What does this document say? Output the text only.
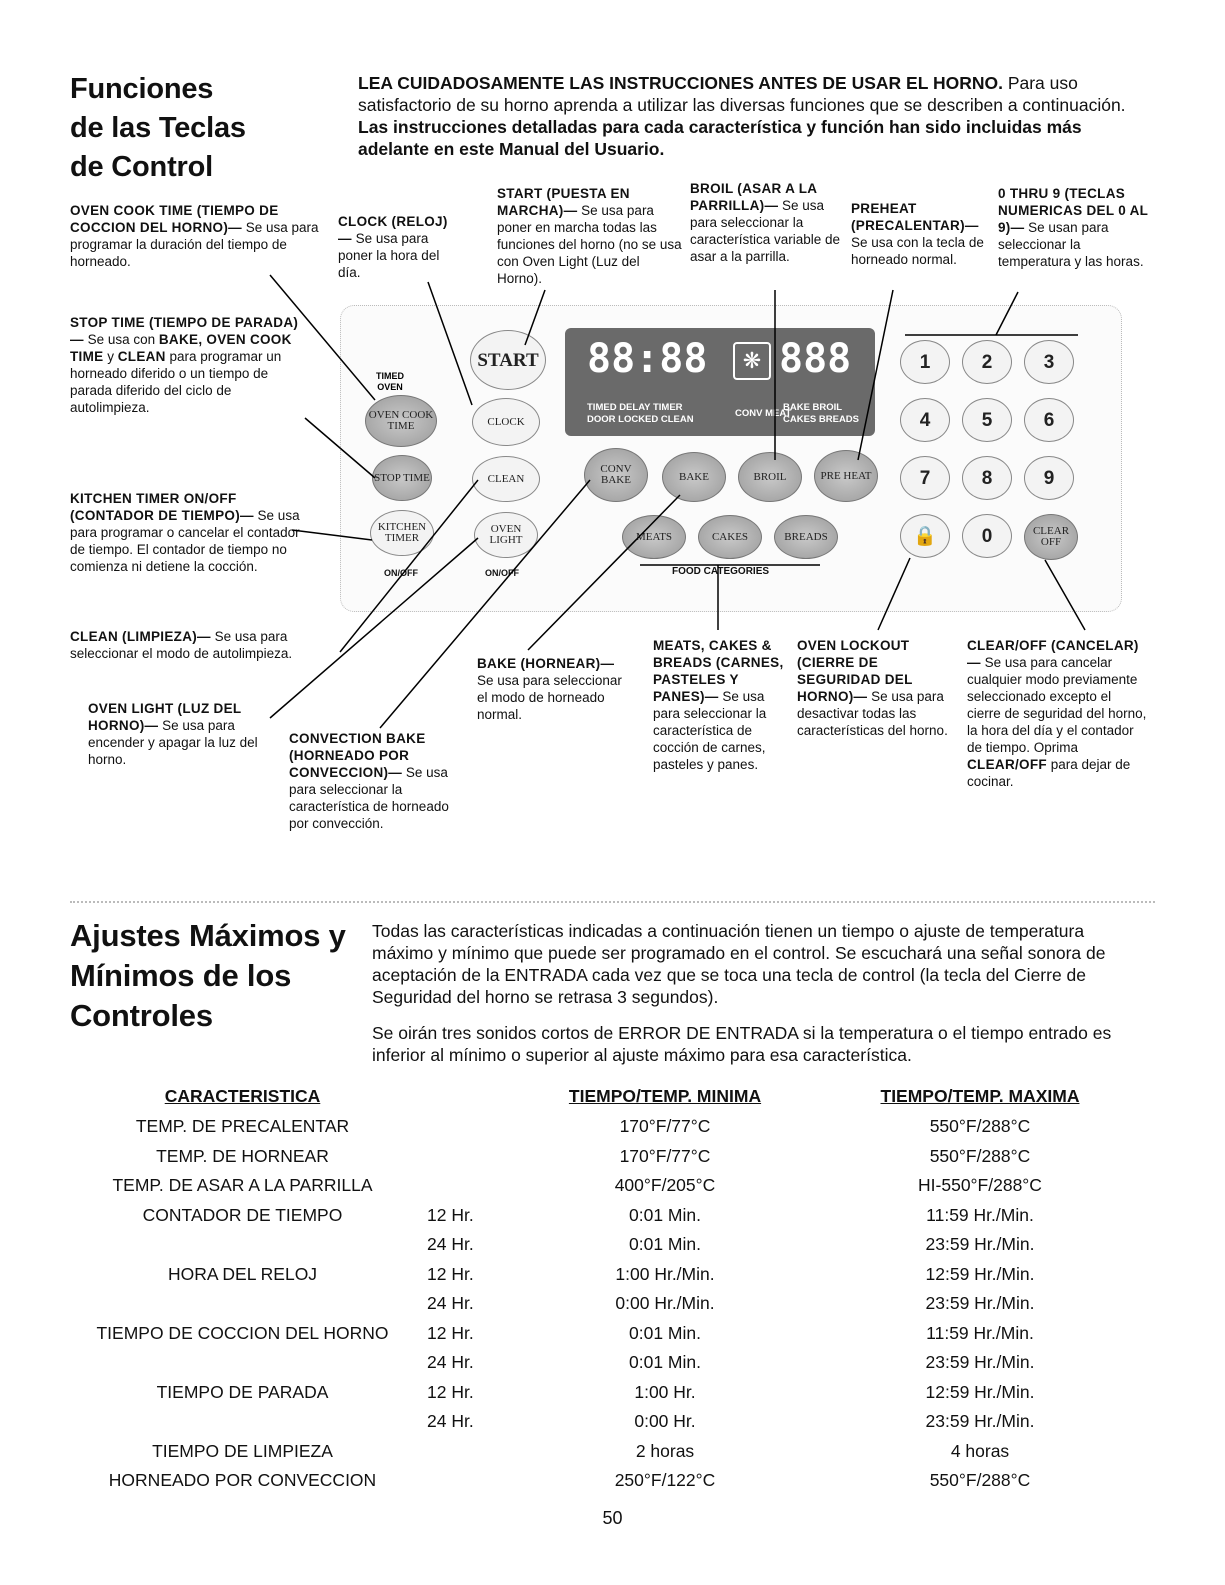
Funciones
de las Teclas
de Control
LEA CUIDADOSAMENTE LAS INSTRUCCIONES ANTES DE USAR EL HORNO. Para uso satisfactorio de su horno aprenda a utilizar las diversas funciones que se describen a continuación. Las instrucciones detalladas para cada característica y función han sido incluidas más adelante en este Manual del Usuario.
OVEN COOK TIME (TIEMPO DE COCCION DEL HORNO)— Se usa para programar la duración del tiempo de horneado.
CLOCK (RELOJ)— Se usa para poner la hora del día.
START (PUESTA EN MARCHA)— Se usa para poner en marcha todas las funciones del horno (no se usa con Oven Light (Luz del Horno).
BROIL (ASAR A LA PARRILLA)— Se usa para seleccionar la característica variable de asar a la parrilla.
PREHEAT (PRECALENTAR)— Se usa con la tecla de horneado normal.
0 THRU 9 (TECLAS NUMERICAS DEL 0 AL 9)— Se usan para seleccionar la temperatura y las horas.
STOP TIME (TIEMPO DE PARADA)— Se usa con BAKE, OVEN COOK TIME y CLEAN para programar un horneado diferido o un tiempo de parada diferido del ciclo de autolimpieza.
KITCHEN TIMER ON/OFF (CONTADOR DE TIEMPO)— Se usa para programar o cancelar el contador de tiempo. El contador de tiempo no comienza ni detiene la cocción.
CLEAN (LIMPIEZA)— Se usa para seleccionar el modo de autolimpieza.
OVEN LIGHT (LUZ DEL HORNO)— Se usa para encender y apagar la luz del horno.
CONVECTION BAKE (HORNEADO POR CONVECCION)— Se usa para seleccionar la característica de horneado por convección.
BAKE (HORNEAR)— Se usa para seleccionar el modo de horneado normal.
MEATS, CAKES & BREADS (CARNES, PASTELES Y PANES)— Se usa para seleccionar la característica de cocción de carnes, pasteles y panes.
OVEN LOCKOUT (CIERRE DE SEGURIDAD DEL HORNO)— Se usa para desactivar todas las características del horno.
CLEAR/OFF (CANCELAR)— Se usa para cancelar cualquier modo previamente seleccionado excepto el cierre de seguridad del horno, la hora del día y el contador de tiempo. Oprima CLEAR/OFF para dejar de cocinar.
88:88	❋ 888
TIMED DELAY TIMER
DOOR LOCKED CLEAN
CONV MEAT
BAKE BROIL
CAKES BREADS
TIMED OVEN
OVEN COOK TIME
STOP TIME
KITCHEN TIMER
ON/OFF
START
CLOCK
CLEAN
OVEN LIGHT
ON/OFF
CONV BAKE	BAKE	BROIL	PRE HEAT
MEATS	CAKES	BREADS
FOOD CATEGORIES
1	2	3
4	5	6
7	8	9
🔒	0	CLEAR OFF
Ajustes Máximos y
Mínimos de los
Controles
Todas las características indicadas a continuación tienen un tiempo o ajuste de temperatura máximo y mínimo que puede ser programado en el control. Se escuchará una señal sonora de aceptación de la ENTRADA cada vez que se toca una tecla de control (la tecla del Cierre de Seguridad del horno se retrasa 3 segundos).
Se oirán tres sonidos cortos de ERROR DE ENTRADA si la temperatura o el tiempo entrado es inferior al mínimo o superior al ajuste máximo para esa característica.
CARACTERISTICA	TIEMPO/TEMP. MINIMA	TIEMPO/TEMP. MAXIMA
TEMP. DE PRECALENTAR	170°F/77°C	550°F/288°C
TEMP. DE HORNEAR	170°F/77°C	550°F/288°C
TEMP. DE ASAR A LA PARRILLA	400°F/205°C	HI-550°F/288°C
CONTADOR DE TIEMPO	12 Hr.	0:01 Min.	11:59 Hr./Min.
24 Hr.	0:01 Min.	23:59 Hr./Min.
HORA DEL RELOJ	12 Hr.	1:00 Hr./Min.	12:59 Hr./Min.
24 Hr.	0:00 Hr./Min.	23:59 Hr./Min.
TIEMPO DE COCCION DEL HORNO	12 Hr.	0:01 Min.	11:59 Hr./Min.
24 Hr.	0:01 Min.	23:59 Hr./Min.
TIEMPO DE PARADA	12 Hr.	1:00 Hr.	12:59 Hr./Min.
24 Hr.	0:00 Hr.	23:59 Hr./Min.
TIEMPO DE LIMPIEZA	2 horas	4 horas
HORNEADO POR CONVECCION	250°F/122°C	550°F/288°C
50
